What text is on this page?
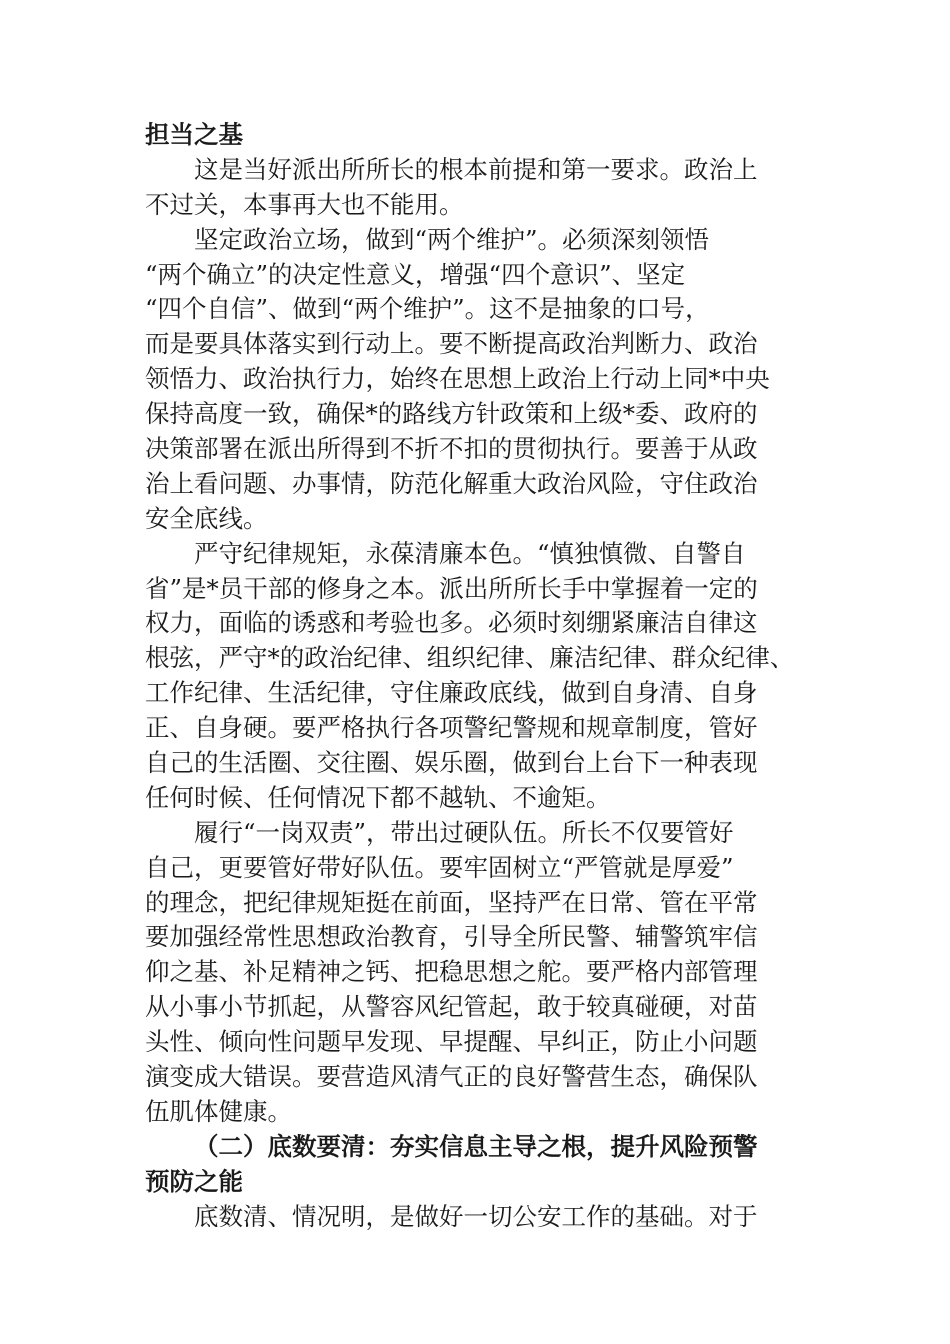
担当之基
这是当好派出所所长的根本前提和第一要求。政治上
不过关，本事再大也不能用。
坚定政治立场，做到“两个维护”。必须深刻领悟
“两个确立”的决定性意义，增强“四个意识”、坚定
“四个自信”、做到“两个维护”。这不是抽象的口号，
而是要具体落实到行动上。要不断提高政治判断力、政治
领悟力、政治执行力，始终在思想上政治上行动上同*中央
保持高度一致，确保*的路线方针政策和上级*委、政府的
决策部署在派出所得到不折不扣的贯彻执行。要善于从政
治上看问题、办事情，防范化解重大政治风险，守住政治
安全底线。
严守纪律规矩，永葆清廉本色。“慎独慎微、自警自
省”是*员干部的修身之本。派出所所长手中掌握着一定的
权力，面临的诱惑和考验也多。必须时刻绷紧廉洁自律这
根弦，严守*的政治纪律、组织纪律、廉洁纪律、群众纪律、
工作纪律、生活纪律，守住廉政底线，做到自身清、自身
正、自身硬。要严格执行各项警纪警规和规章制度，管好
自己的生活圈、交往圈、娱乐圈，做到台上台下一种表现
任何时候、任何情况下都不越轨、不逾矩。
履行“一岗双责”，带出过硬队伍。所长不仅要管好
自己，更要管好带好队伍。要牢固树立“严管就是厚爱”
的理念，把纪律规矩挺在前面，坚持严在日常、管在平常
要加强经常性思想政治教育，引导全所民警、辅警筑牢信
仰之基、补足精神之钙、把稳思想之舵。要严格内部管理
从小事小节抓起，从警容风纪管起，敢于较真碰硬，对苗
头性、倾向性问题早发现、早提醒、早纠正，防止小问题
演变成大错误。要营造风清气正的良好警营生态，确保队
伍肌体健康。
（二）底数要清：夯实信息主导之根，提升风险预警
预防之能
底数清、情况明，是做好一切公安工作的基础。对于
